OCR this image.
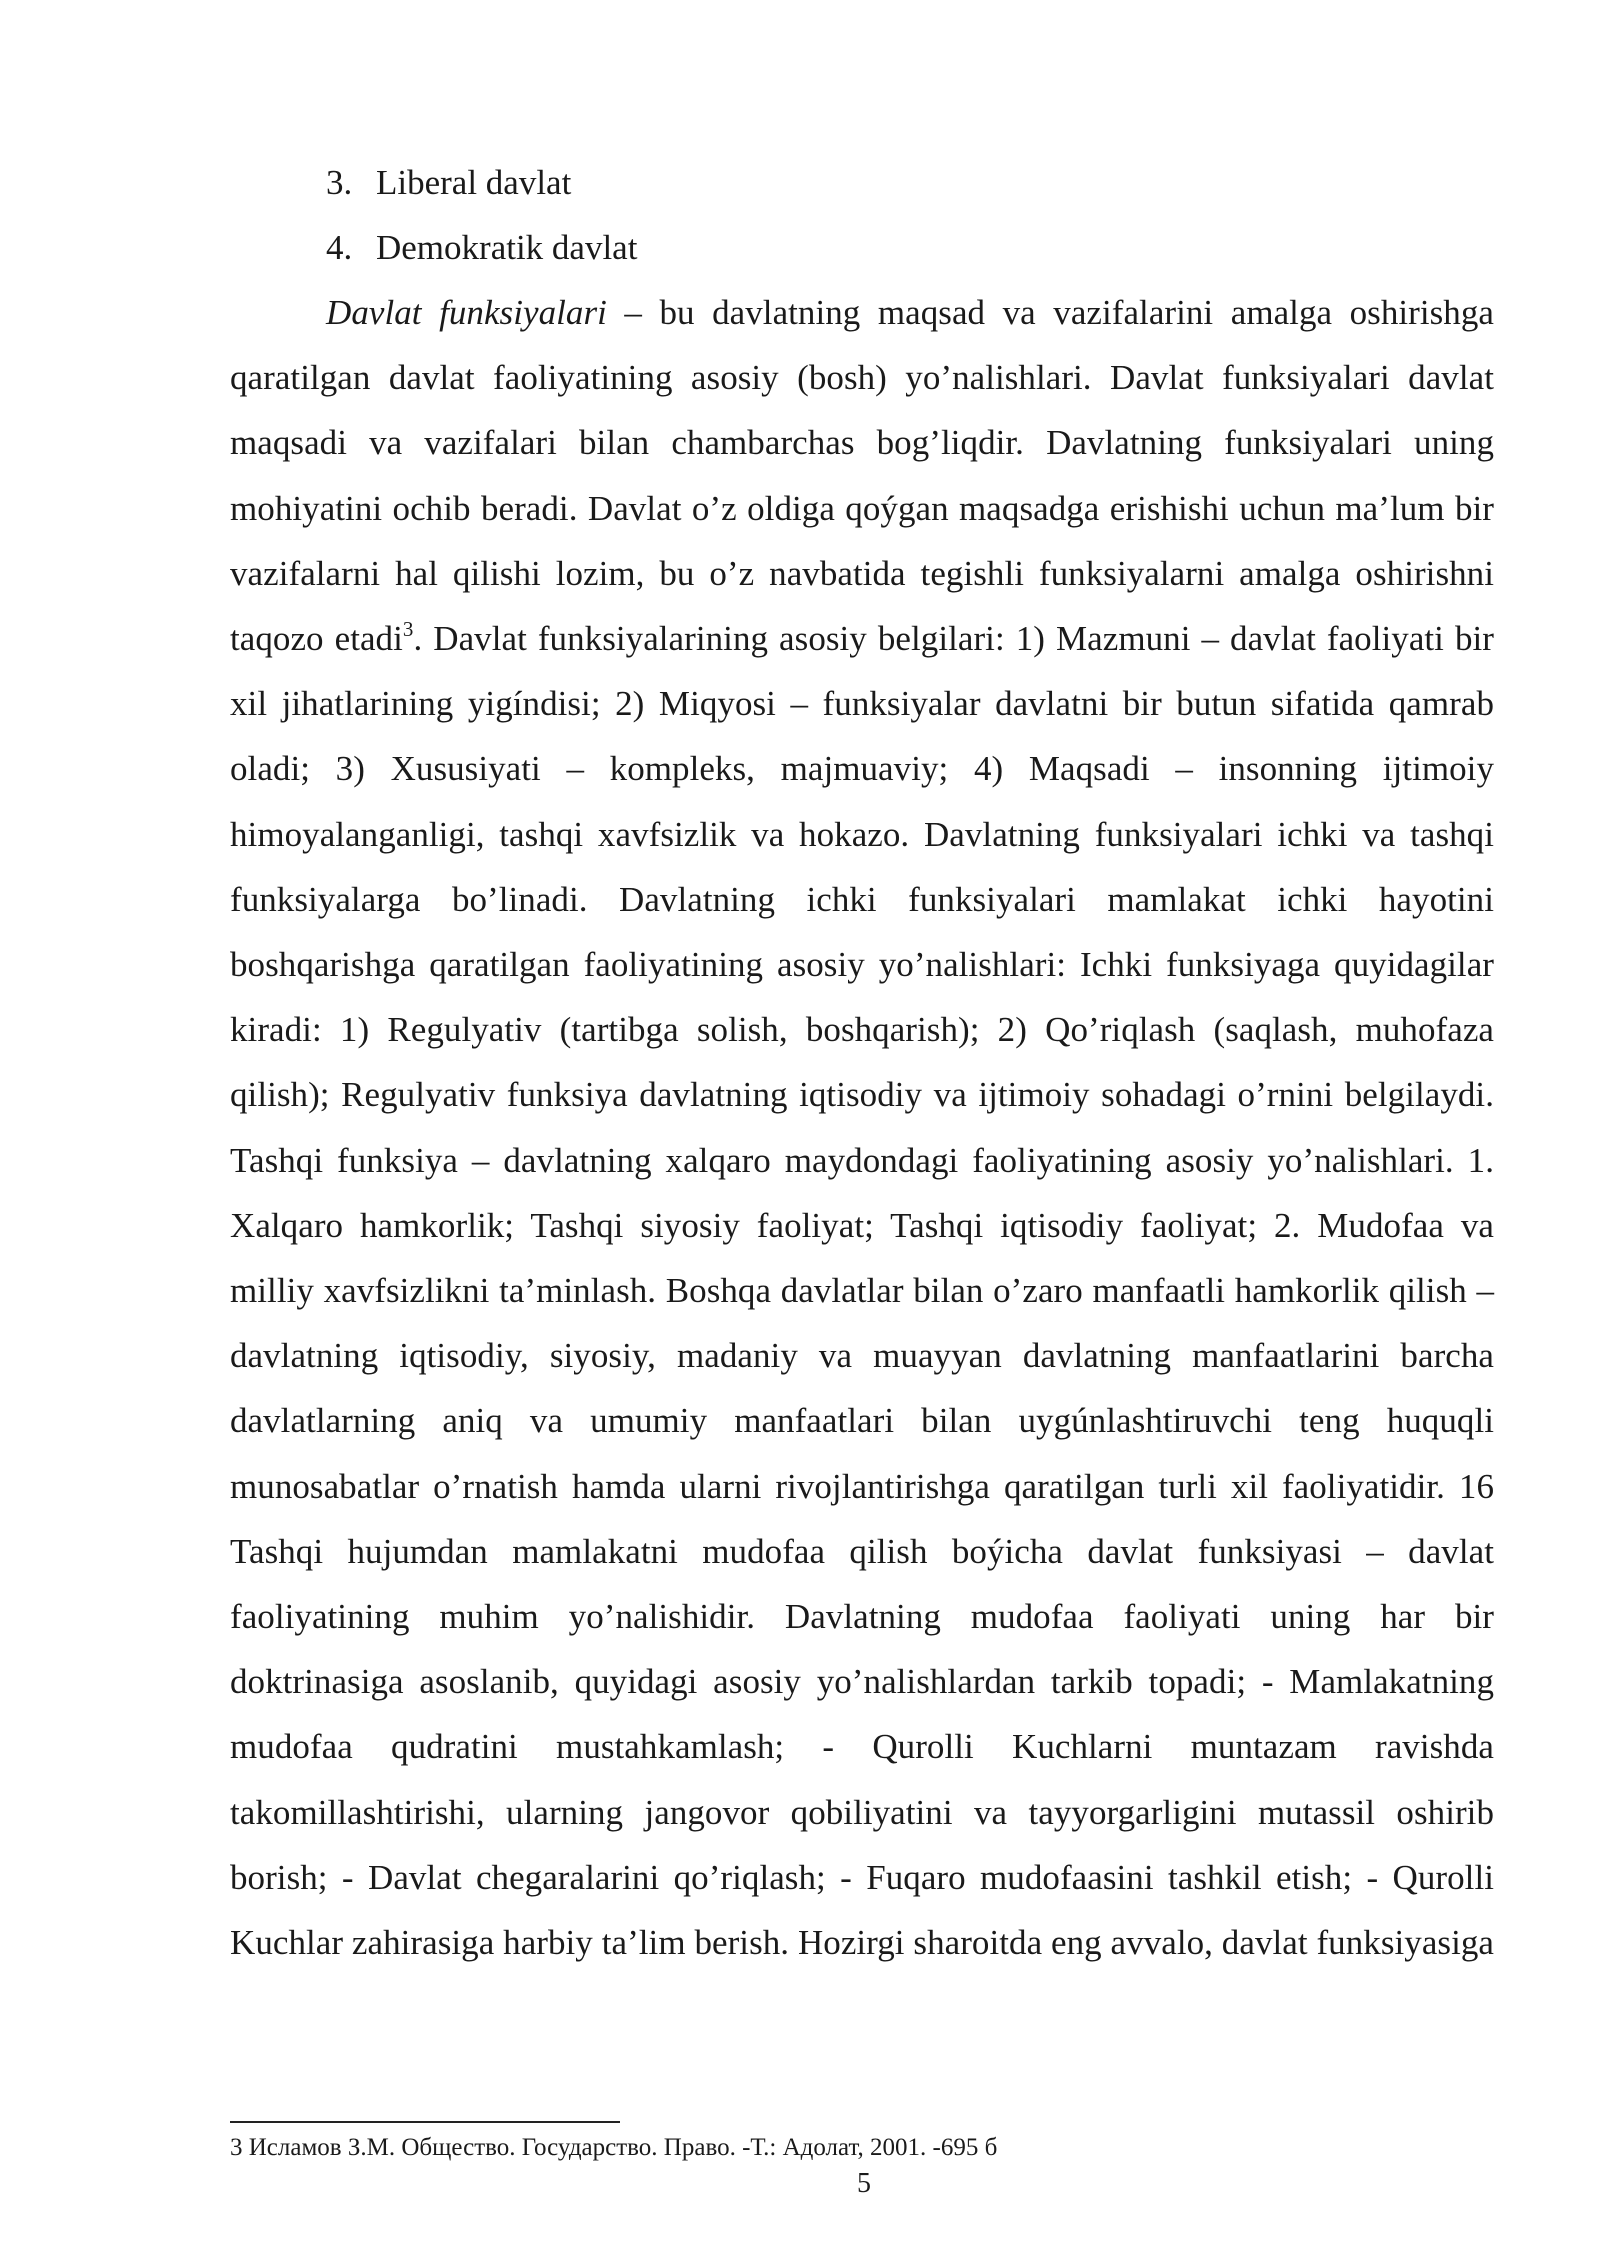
3. Liberal davlat
4. Demokratik davlat

Davlat funksiyalari – bu davlatning maqsad va vazifalarini amalga oshirishga qaratilgan davlat faoliyatining asosiy (bosh) yo’nalishlari. Davlat funksiyalari davlat maqsadi va vazifalari bilan chambarchas bog’liqdir. Davlatning funksiyalari uning mohiyatini ochib beradi. Davlat o’z oldiga qoýgan maqsadga erishishi uchun ma’lum bir vazifalarni hal qilishi lozim, bu o’z navbatida tegishli funksiyalarni amalga oshirishni taqozo etadi$^3$. Davlat funksiyalarining asosiy belgilari: 1) Mazmuni – davlat faoliyati bir xil jihatlarining yigíndisi; 2) Miqyosi – funksiyalar davlatni bir butun sifatida qamrab oladi; 3) Xususiyati – kompleks, majmuaviy; 4) Maqsadi – insonning ijtimoiy himoyalanganligi, tashqi xavfsizlik va hokazo. Davlatning funksiyalari ichki va tashqi funksiyalarga bo’linadi. Davlatning ichki funksiyalari mamlakat ichki hayotini boshqarishga qaratilgan faoliyatining asosiy yo’nalishlari: Ichki funksiyaga quyidagilar kiradi: 1) Regulyativ (tartibga solish, boshqarish); 2) Qo’riqlash (saqlash, muhofaza qilish); Regulyativ funksiya davlatning iqtisodiy va ijtimoiy sohadagi o’rnini belgilaydi. Tashqi funksiya – davlatning xalqaro maydondagi faoliyatining asosiy yo’nalishlari. 1. Xalqaro hamkorlik; Tashqi siyosiy faoliyat; Tashqi iqtisodiy faoliyat; 2. Mudofaa va milliy xavfsizlikni ta’minlash. Boshqa davlatlar bilan o’zaro manfaatli hamkorlik qilish – davlatning iqtisodiy, siyosiy, madaniy va muayyan davlatning manfaatlarini barcha davlatlarning aniq va umumiy manfaatlari bilan uygúnlashtiruvchi teng huquqli munosabatlar o’rnatish hamda ularni rivojlantirishga qaratilgan turli xil faoliyatidir. 16 Tashqi hujumdan mamlakatni mudofaa qilish boýicha davlat funksiyasi – davlat faoliyatining muhim yo’nalishidir. Davlatning mudofaa faoliyati uning har bir doktrinasiga asoslanib, quyidagi asosiy yo’nalishlardan tarkib topadi; - Mamlakatning mudofaa qudratini mustahkamlash; - Qurolli Kuchlarni muntazam ravishda takomillashtirishi, ularning jangovor qobiliyatini va tayyorgarligini mutassil oshirib borish; - Davlat chegaralarini qo’riqlash; - Fuqaro mudofaasini tashkil etish; - Qurolli Kuchlar zahirasiga harbiy ta’lim berish. Hozirgi sharoitda eng avvalo, davlat funksiyasiga

3 Исламов З.М. Общество. Государство. Право. -Т.: Адолат, 2001. -695 б
5
